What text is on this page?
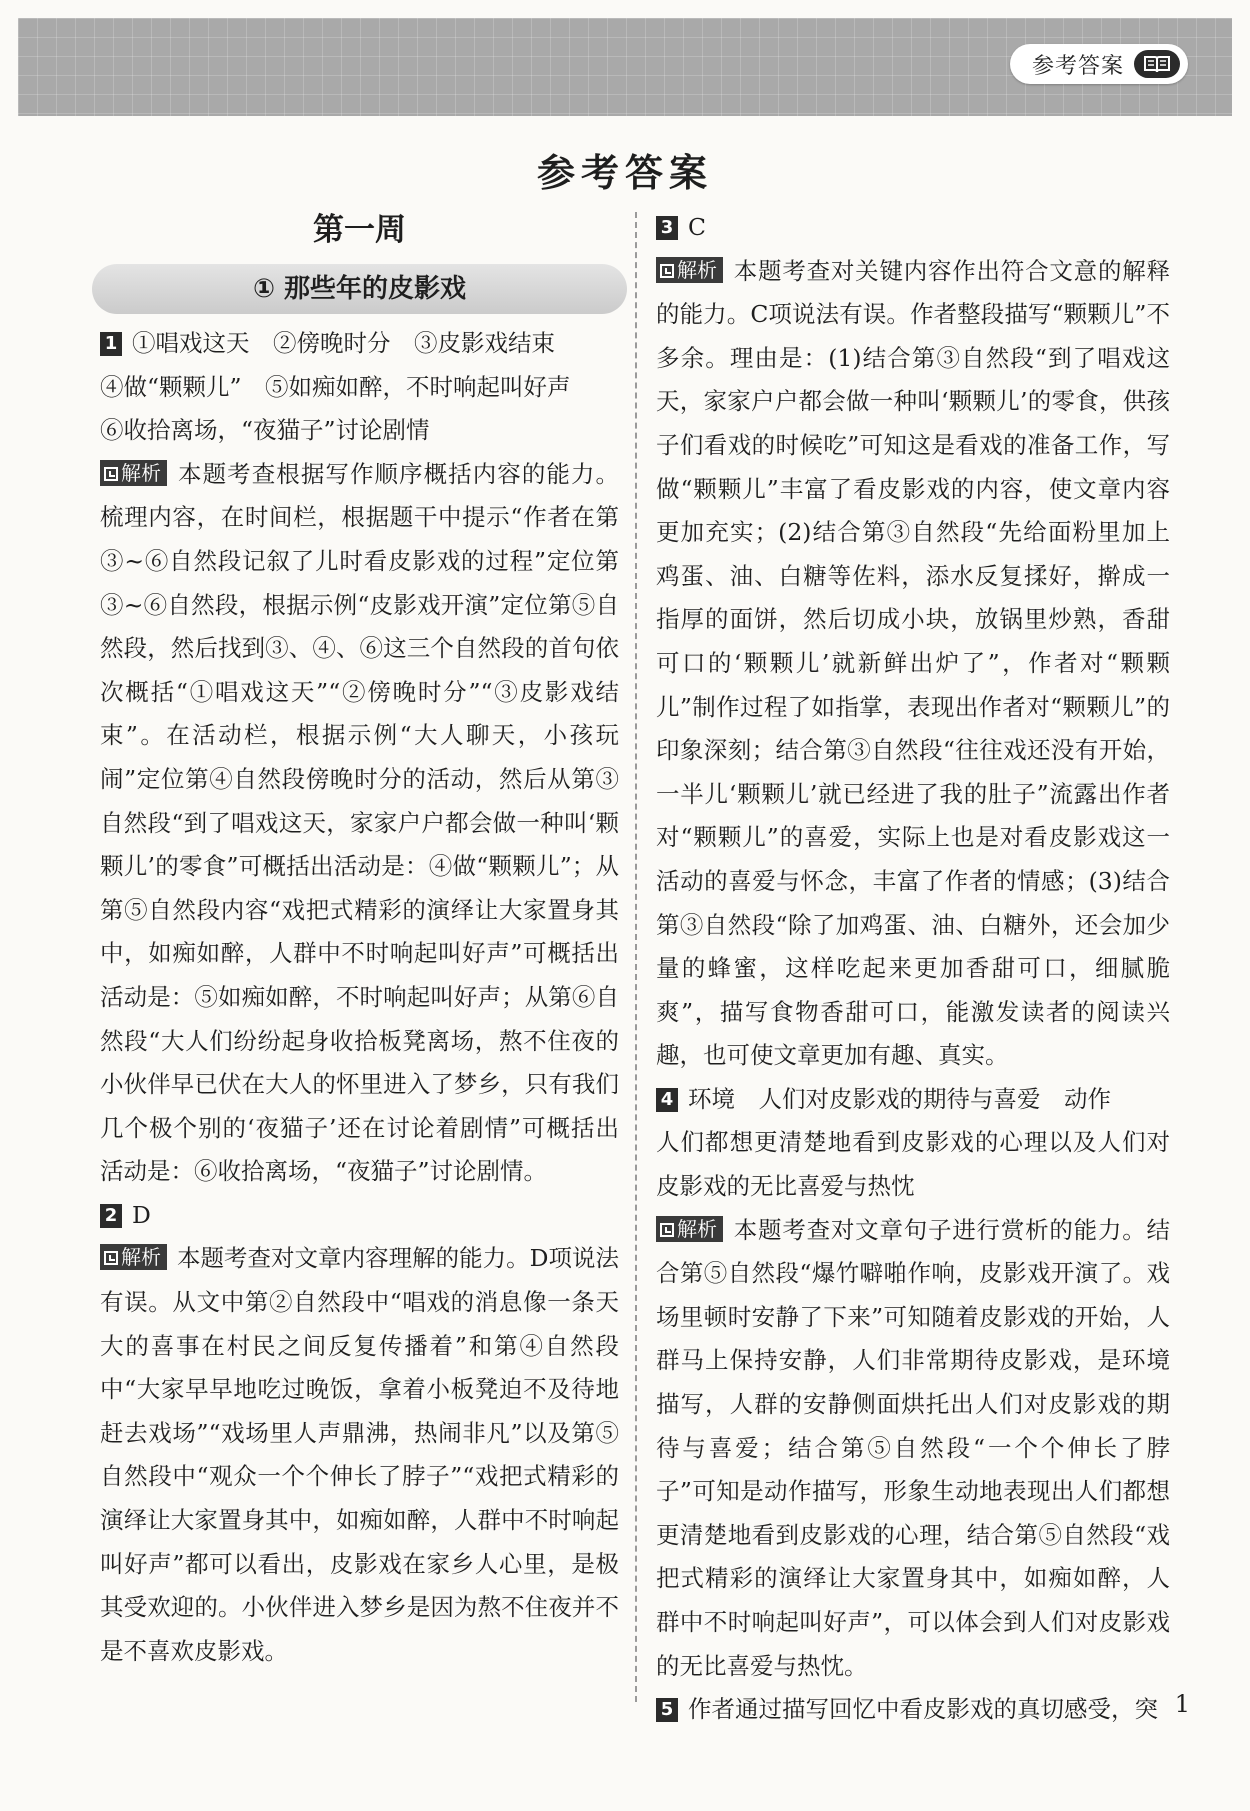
参考答案
参考答案
第一周
① 那些年的皮影戏

1 ①唱戏这天　②傍晚时分　③皮影戏结束
④做“颗颗儿”　⑤如痴如醉，不时响起叫好声
⑥收拾离场，“夜猫子”讨论剧情

解析 本题考查根据写作顺序概括内容的能力。梳理内容，在时间栏，根据题干中提示“作者在第③~⑥自然段记叙了儿时看皮影戏的过程”定位第③~⑥自然段，根据示例“皮影戏开演”定位第⑤自然段，然后找到③、④、⑥这三个自然段的首句依次概括“①唱戏这天”“②傍晚时分”“③皮影戏结束”。在活动栏，根据示例“大人聊天，小孩玩闹”定位第④自然段傍晚时分的活动，然后从第③自然段“到了唱戏这天，家家户户都会做一种叫‘颗颗儿’的零食”可概括出活动是：④做“颗颗儿”；从第⑤自然段内容“戏把式精彩的演绎让大家置身其中，如痴如醉，人群中不时响起叫好声”可概括出活动是：⑤如痴如醉，不时响起叫好声；从第⑥自然段“大人们纷纷起身收拾板凳离场，熬不住夜的小伙伴早已伏在大人的怀里进入了梦乡，只有我们几个极个别的‘夜猫子’还在讨论着剧情”可概括出活动是：⑥收拾离场，“夜猫子”讨论剧情。

2 D

解析 本题考查对文章内容理解的能力。D项说法有误。从文中第②自然段中“唱戏的消息像一条天大的喜事在村民之间反复传播着”和第④自然段中“大家早早地吃过晚饭，拿着小板凳迫不及待地赶去戏场”“戏场里人声鼎沸，热闹非凡”以及第⑤自然段中“观众一个个伸长了脖子”“戏把式精彩的演绎让大家置身其中，如痴如醉，人群中不时响起叫好声”都可以看出，皮影戏在家乡人心里，是极其受欢迎的。小伙伴进入梦乡是因为熬不住夜并不是不喜欢皮影戏。

3 C

解析 本题考查对关键内容作出符合文意的解释的能力。C项说法有误。作者整段描写“颗颗儿”不多余。理由是：(1)结合第③自然段“到了唱戏这天，家家户户都会做一种叫‘颗颗儿’的零食，供孩子们看戏的时候吃”可知这是看戏的准备工作，写做“颗颗儿”丰富了看皮影戏的内容，使文章内容更加充实；(2)结合第③自然段“先给面粉里加上鸡蛋、油、白糖等佐料，添水反复揉好，擀成一指厚的面饼，然后切成小块，放锅里炒熟，香甜可口的‘颗颗儿’就新鲜出炉了”，作者对“颗颗儿”制作过程了如指掌，表现出作者对“颗颗儿”的印象深刻；结合第③自然段“往往戏还没有开始，一半儿‘颗颗儿’就已经进了我的肚子”流露出作者对“颗颗儿”的喜爱，实际上也是对看皮影戏这一活动的喜爱与怀念，丰富了作者的情感；(3)结合第③自然段“除了加鸡蛋、油、白糖外，还会加少量的蜂蜜，这样吃起来更加香甜可口，细腻脆爽”，描写食物香甜可口，能激发读者的阅读兴趣，也可使文章更加有趣、真实。

4 环境　人们对皮影戏的期待与喜爱　动作
人们都想更清楚地看到皮影戏的心理以及人们对皮影戏的无比喜爱与热忱

解析 本题考查对文章句子进行赏析的能力。结合第⑤自然段“爆竹噼啪作响，皮影戏开演了。戏场里顿时安静了下来”可知随着皮影戏的开始，人群马上保持安静，人们非常期待皮影戏，是环境描写，人群的安静侧面烘托出人们对皮影戏的期待与喜爱；结合第⑤自然段“一个个伸长了脖子”可知是动作描写，形象生动地表现出人们都想更清楚地看到皮影戏的心理，结合第⑤自然段“戏把式精彩的演绎让大家置身其中，如痴如醉，人群中不时响起叫好声”，可以体会到人们对皮影戏的无比喜爱与热忱。

5 作者通过描写回忆中看皮影戏的真切感受，突 1
